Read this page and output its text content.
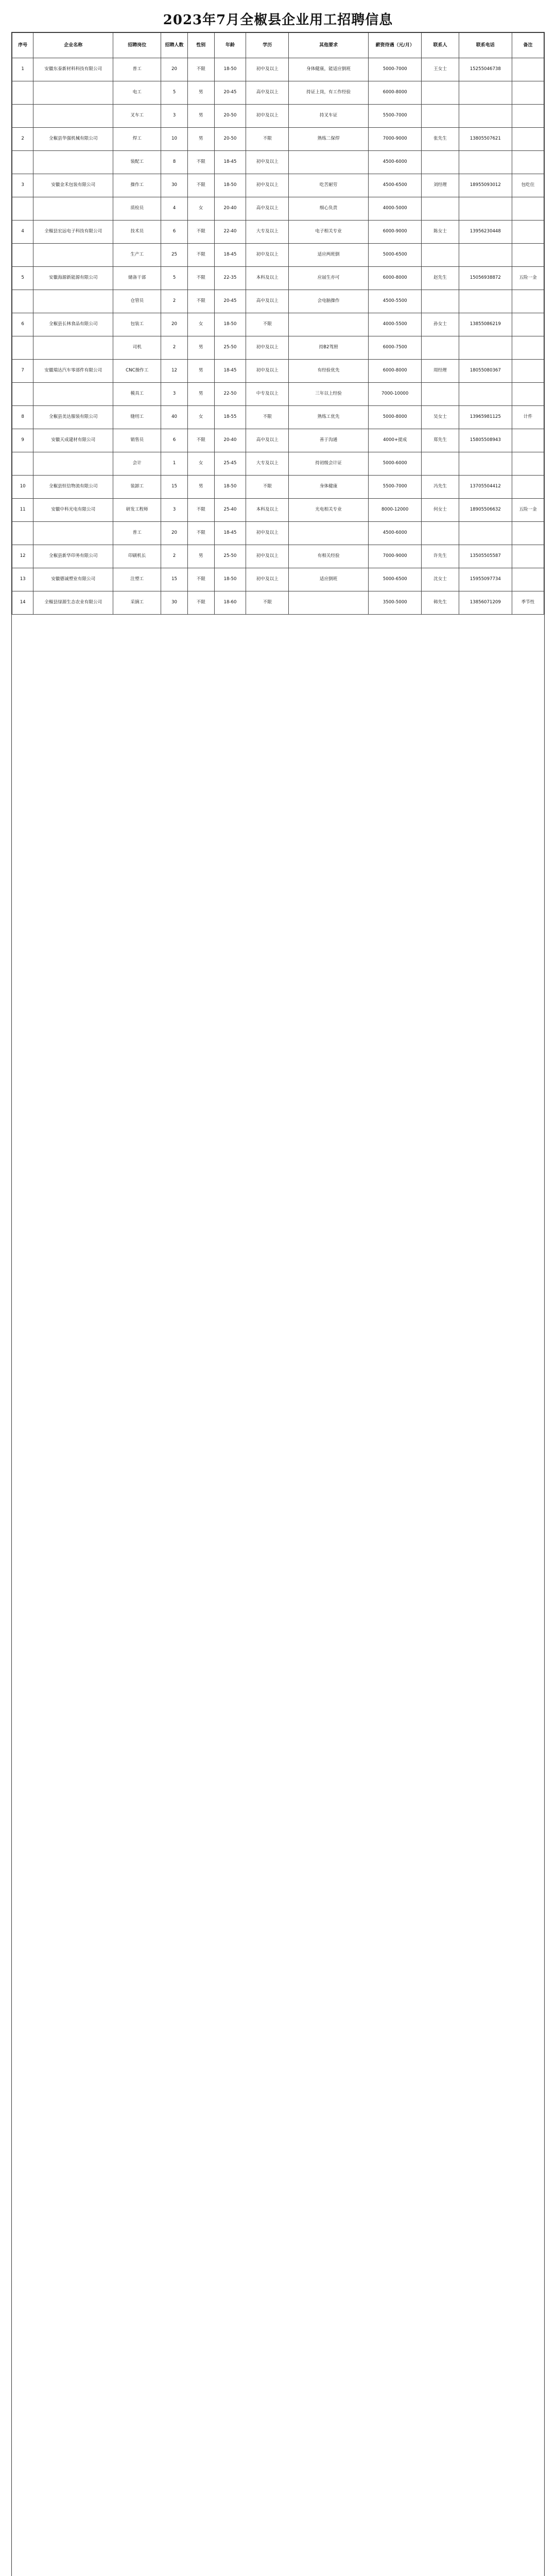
2023年7月全椒县企业用工招聘信息
序号	企业名称	招聘岗位	招聘人数	性别	年龄	学历	其他要求	薪资待遇（元/月）	联系人	联系电话	备注
1	安徽东泰新材料科技有限公司	普工	20	不限	18-50	初中及以上	身体健康，能适应倒班	5000-7000	王女士	15255046738	
		电工	5	男	20-45	高中及以上	持证上岗，有工作经验	6000-8000			
		叉车工	3	男	20-50	初中及以上	持叉车证	5500-7000			
2	全椒县华强机械有限公司	焊工	10	男	20-50	不限	熟练二保焊	7000-9000	张先生	13805507621	
		装配工	8	不限	18-45	初中及以上		4500-6000			
3	安徽金禾包装有限公司	操作工	30	不限	18-50	初中及以上	吃苦耐劳	4500-6500	刘经理	18955093012	包吃住
		质检员	4	女	20-40	高中及以上	细心负责	4000-5000			
4	全椒县宏远电子科技有限公司	技术员	6	不限	22-40	大专及以上	电子相关专业	6000-9000	陈女士	13956230448	
		生产工	25	不限	18-45	初中及以上	适应两班倒	5000-6500			
5	安徽海源新能源有限公司	储备干部	5	不限	22-35	本科及以上	应届生亦可	6000-8000	赵先生	15056938872	五险一金
		仓管员	2	不限	20-45	高中及以上	会电脑操作	4500-5500			
6	全椒县长林食品有限公司	包装工	20	女	18-50	不限		4000-5500	孙女士	13855086219	
		司机	2	男	25-50	初中及以上	持B2驾照	6000-7500			
7	安徽瑞达汽车零部件有限公司	CNC操作工	12	男	18-45	初中及以上	有经验优先	6000-8000	周经理	18055080367	
		模具工	3	男	22-50	中专及以上	三年以上经验	7000-10000			
8	全椒县美达服装有限公司	缝纫工	40	女	18-55	不限	熟练工优先	5000-8000	吴女士	13965981125	计件
9	安徽天成建材有限公司	销售员	6	不限	20-40	高中及以上	善于沟通	4000+提成	郑先生	15805508943	
		会计	1	女	25-45	大专及以上	持初级会计证	5000-6000			
10	全椒县恒信物流有限公司	装卸工	15	男	18-50	不限	身体健康	5500-7000	冯先生	13705504412	
11	安徽中科光电有限公司	研发工程师	3	不限	25-40	本科及以上	光电相关专业	8000-12000	何女士	18905506632	五险一金
		普工	20	不限	18-45	初中及以上		4500-6000			
12	全椒县新华印务有限公司	印刷机长	2	男	25-50	初中及以上	有相关经验	7000-9000	许先生	13505505587	
13	安徽德诚塑业有限公司	注塑工	15	不限	18-50	初中及以上	适应倒班	5000-6500	沈女士	15955097734	
14	全椒县绿源生态农业有限公司	采摘工	30	不限	18-60	不限		3500-5000	韩先生	13856071209	季节性
